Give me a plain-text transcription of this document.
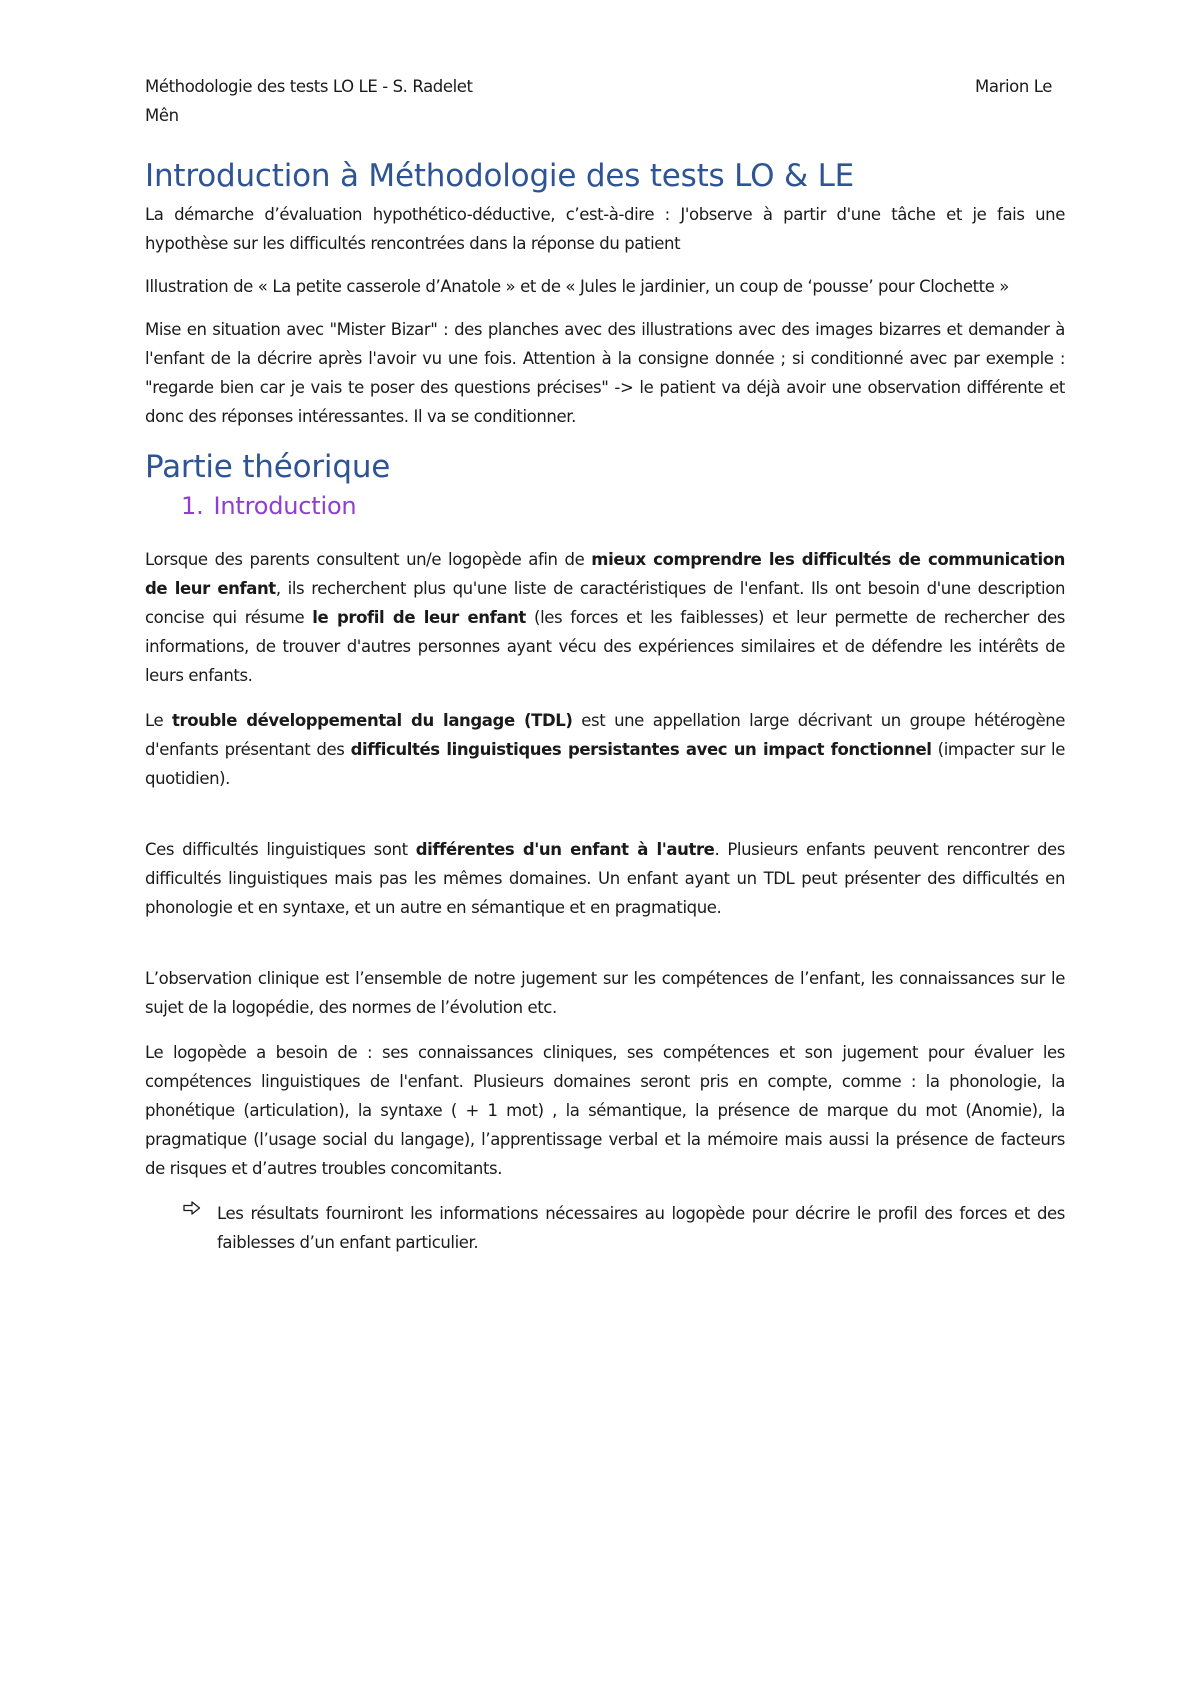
Méthodologie des tests LO LE - S. Radelet
Mên
Marion Le
Introduction à Méthodologie des tests LO & LE

La démarche d’évaluation hypothético-déductive, c’est-à-dire : J'observe à partir d'une tâche et je fais une hypothèse sur les difficultés rencontrées dans la réponse du patient

Illustration de « La petite casserole d’Anatole » et de « Jules le jardinier, un coup de ‘pousse’ pour Clochette »

Mise en situation avec "Mister Bizar" : des planches avec des illustrations avec des images bizarres et demander à l'enfant de la décrire après l'avoir vu une fois. Attention à la consigne donnée ; si conditionné avec par exemple : "regarde bien car je vais te poser des questions précises" -> le patient va déjà avoir une observation différente et donc des réponses intéressantes. Il va se conditionner.

Partie théorique
1. Introduction

Lorsque des parents consultent un/e logopède afin de mieux comprendre les difficultés de communication de leur enfant, ils recherchent plus qu'une liste de caractéristiques de l'enfant. Ils ont besoin d'une description concise qui résume le profil de leur enfant (les forces et les faiblesses) et leur permette de rechercher des informations, de trouver d'autres personnes ayant vécu des expériences similaires et de défendre les intérêts de leurs enfants.

Le trouble développemental du langage (TDL) est une appellation large décrivant un groupe hétérogène d'enfants présentant des difficultés linguistiques persistantes avec un impact fonctionnel (impacter sur le quotidien).

Ces difficultés linguistiques sont différentes d'un enfant à l'autre. Plusieurs enfants peuvent rencontrer des difficultés linguistiques mais pas les mêmes domaines. Un enfant ayant un TDL peut présenter des difficultés en phonologie et en syntaxe, et un autre en sémantique et en pragmatique.

L’observation clinique est l’ensemble de notre jugement sur les compétences de l’enfant, les connaissances sur le sujet de la logopédie, des normes de l’évolution etc.

Le logopède a besoin de : ses connaissances cliniques, ses compétences et son jugement pour évaluer les compétences linguistiques de l'enfant. Plusieurs domaines seront pris en compte, comme : la phonologie, la phonétique (articulation), la syntaxe ( + 1 mot) , la sémantique, la présence de marque du mot (Anomie), la pragmatique (l’usage social du langage), l’apprentissage verbal et la mémoire mais aussi la présence de facteurs de risques et d’autres troubles concomitants.

Les résultats fourniront les informations nécessaires au logopède pour décrire le profil des forces et des faiblesses d’un enfant particulier.
